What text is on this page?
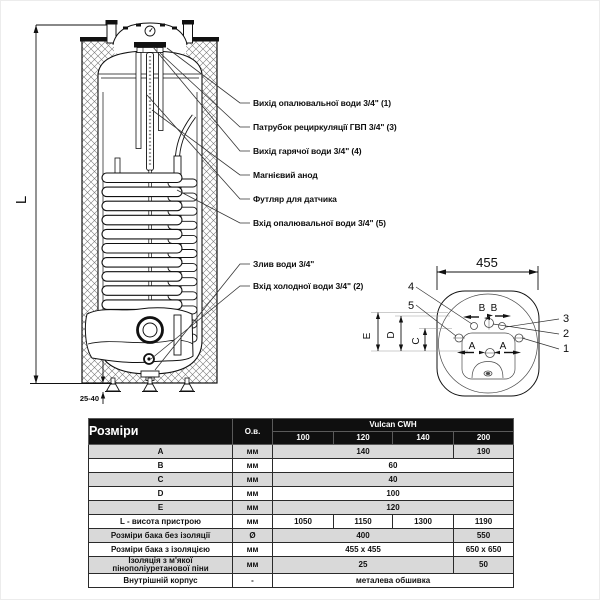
L
25-40
455
B B
A A
E D
C
4
5
3
2
1
Вихід опалювальної води 3/4" (1)
Патрубок рециркуляції ГВП 3/4" (3)
Вихід гарячої води 3/4" (4)
Магнієвий анод
Футляр для датчика
Вхід опалювальної води 3/4" (5)
Злив води 3/4"
Вхід холодної води 3/4" (2)
Розміри	О.в.	Vulcan CWH			
		100	120	140	200
A	мм	140			190
B	мм	60			
C	мм	40			
D	мм	100			
E	мм	120			
L - висота пристрою	мм	1050	1150	1300	1190
Розміри бака без ізоляції	Ø	400			550
Розміри бака з ізоляцією	мм	455 x 455			650 x 650
Ізоляція з м'якої пінополіуретанової піни	мм	25			50
Внутрішній корпус	-	металева обшивка			
